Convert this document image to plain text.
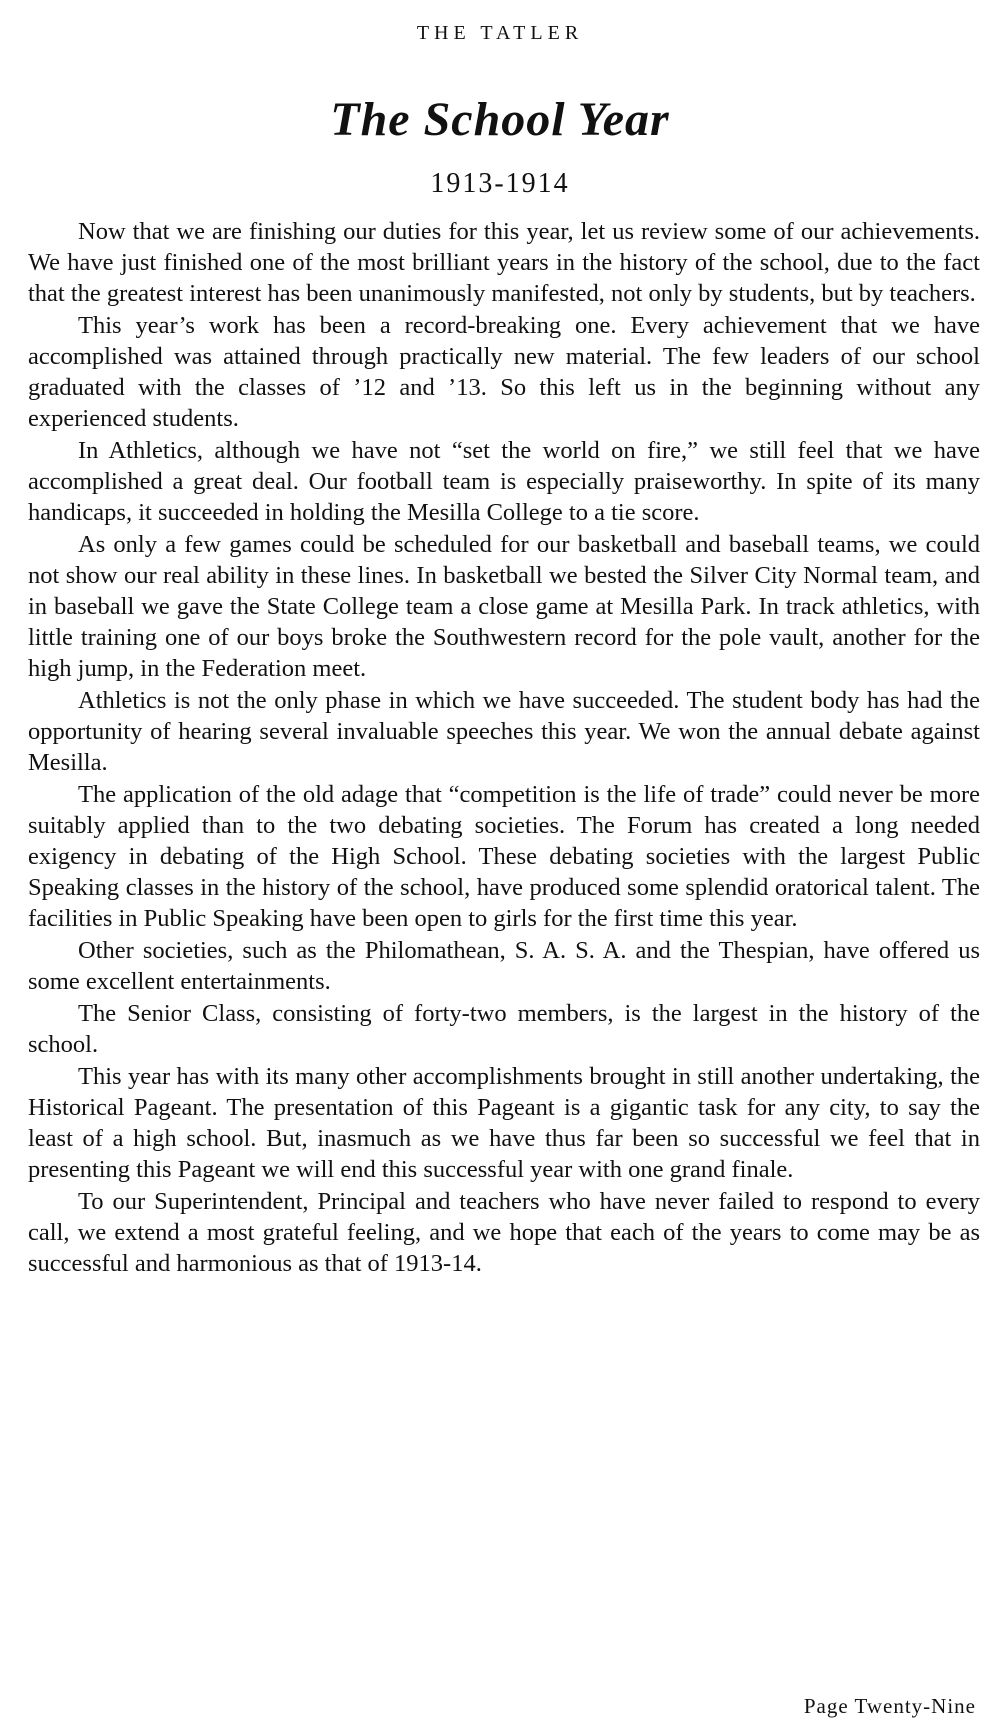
THE TATLER
The School Year
1913-1914

Now that we are finishing our duties for this year, let us review some of our achievements. We have just finished one of the most brilliant years in the history of the school, due to the fact that the greatest interest has been unanimously manifested, not only by students, but by teachers.

This year’s work has been a record-breaking one. Every achievement that we have accomplished was attained through practically new material. The few leaders of our school graduated with the classes of ’12 and ’13. So this left us in the beginning without any experienced students.

In Athletics, although we have not “set the world on fire,” we still feel that we have accomplished a great deal. Our football team is especially praiseworthy. In spite of its many handicaps, it succeeded in holding the Mesilla College to a tie score.

As only a few games could be scheduled for our basketball and baseball teams, we could not show our real ability in these lines. In basketball we bested the Silver City Normal team, and in baseball we gave the State College team a close game at Mesilla Park. In track athletics, with little training one of our boys broke the Southwestern record for the pole vault, another for the high jump, in the Federation meet.

Athletics is not the only phase in which we have succeeded. The student body has had the opportunity of hearing several invaluable speeches this year. We won the annual debate against Mesilla.

The application of the old adage that “competition is the life of trade” could never be more suitably applied than to the two debating societies. The Forum has created a long needed exigency in debating of the High School. These debating societies with the largest Public Speaking classes in the history of the school, have produced some splendid oratorical talent. The facilities in Public Speaking have been open to girls for the first time this year.

Other societies, such as the Philomathean, S. A. S. A. and the Thespian, have offered us some excellent entertainments.

The Senior Class, consisting of forty-two members, is the largest in the history of the school.

This year has with its many other accomplishments brought in still another undertaking, the Historical Pageant. The presentation of this Pageant is a gigantic task for any city, to say the least of a high school. But, inasmuch as we have thus far been so successful we feel that in presenting this Pageant we will end this successful year with one grand finale.

To our Superintendent, Principal and teachers who have never failed to respond to every call, we extend a most grateful feeling, and we hope that each of the years to come may be as successful and harmonious as that of 1913-14.

Page Twenty-Nine
